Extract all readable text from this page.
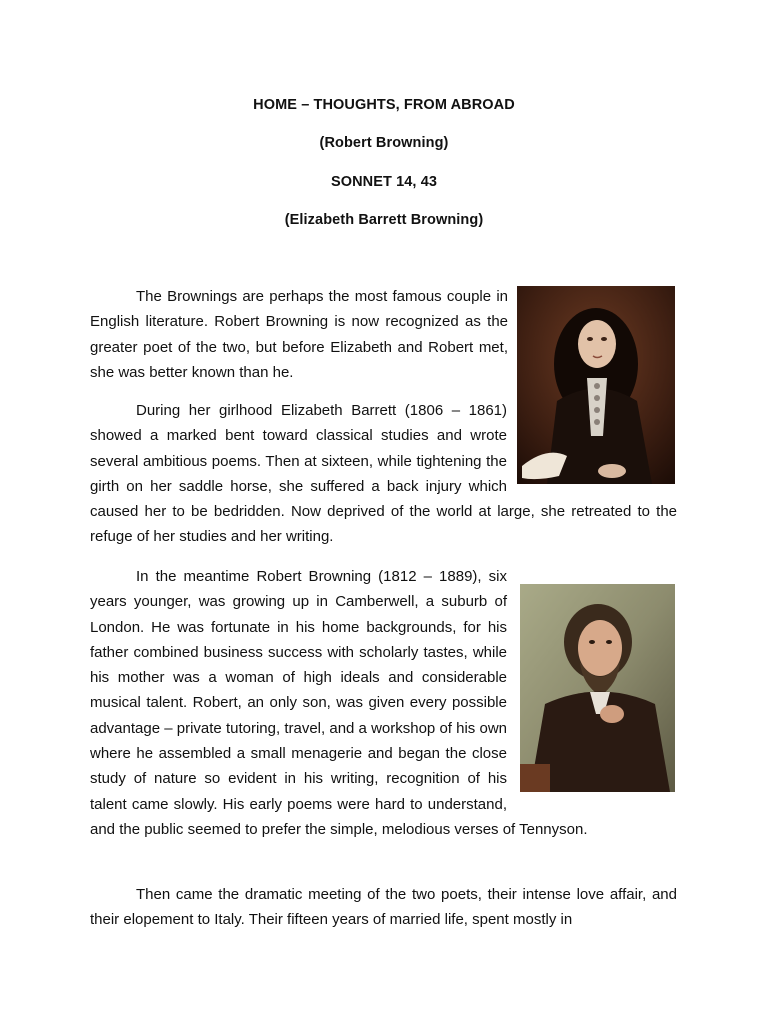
HOME – THOUGHTS, FROM ABROAD
(Robert Browning)
SONNET 14, 43
(Elizabeth Barrett Browning)

The Brownings are perhaps the most famous couple in English literature. Robert Browning is now recognized as the greater poet of the two, but before Elizabeth and Robert met, she was better known than he.

During her girlhood Elizabeth Barrett (1806 – 1861) showed a marked bent toward classical studies and wrote several ambitious poems. Then at sixteen, while tightening the girth on her saddle horse, she suffered a back injury which caused her to be bedridden. Now deprived of the world at large, she retreated to the refuge of her studies and her writing.
In the meantime Robert Browning (1812 – 1889), six years younger, was growing up in Camberwell, a suburb of London. He was fortunate in his home backgrounds, for his father combined business success with scholarly tastes, while his mother was a woman of high ideals and considerable musical talent. Robert, an only son, was given every possible advantage – private tutoring, travel, and a workshop of his own where he assembled a small menagerie and began the close study of nature so evident in his writing, recognition of his talent came slowly. His early poems were hard to understand, and the public seemed to prefer the simple, melodious verses of Tennyson.

Then came the dramatic meeting of the two poets, their intense love affair, and their elopement to Italy. Their fifteen years of married life, spent mostly in
